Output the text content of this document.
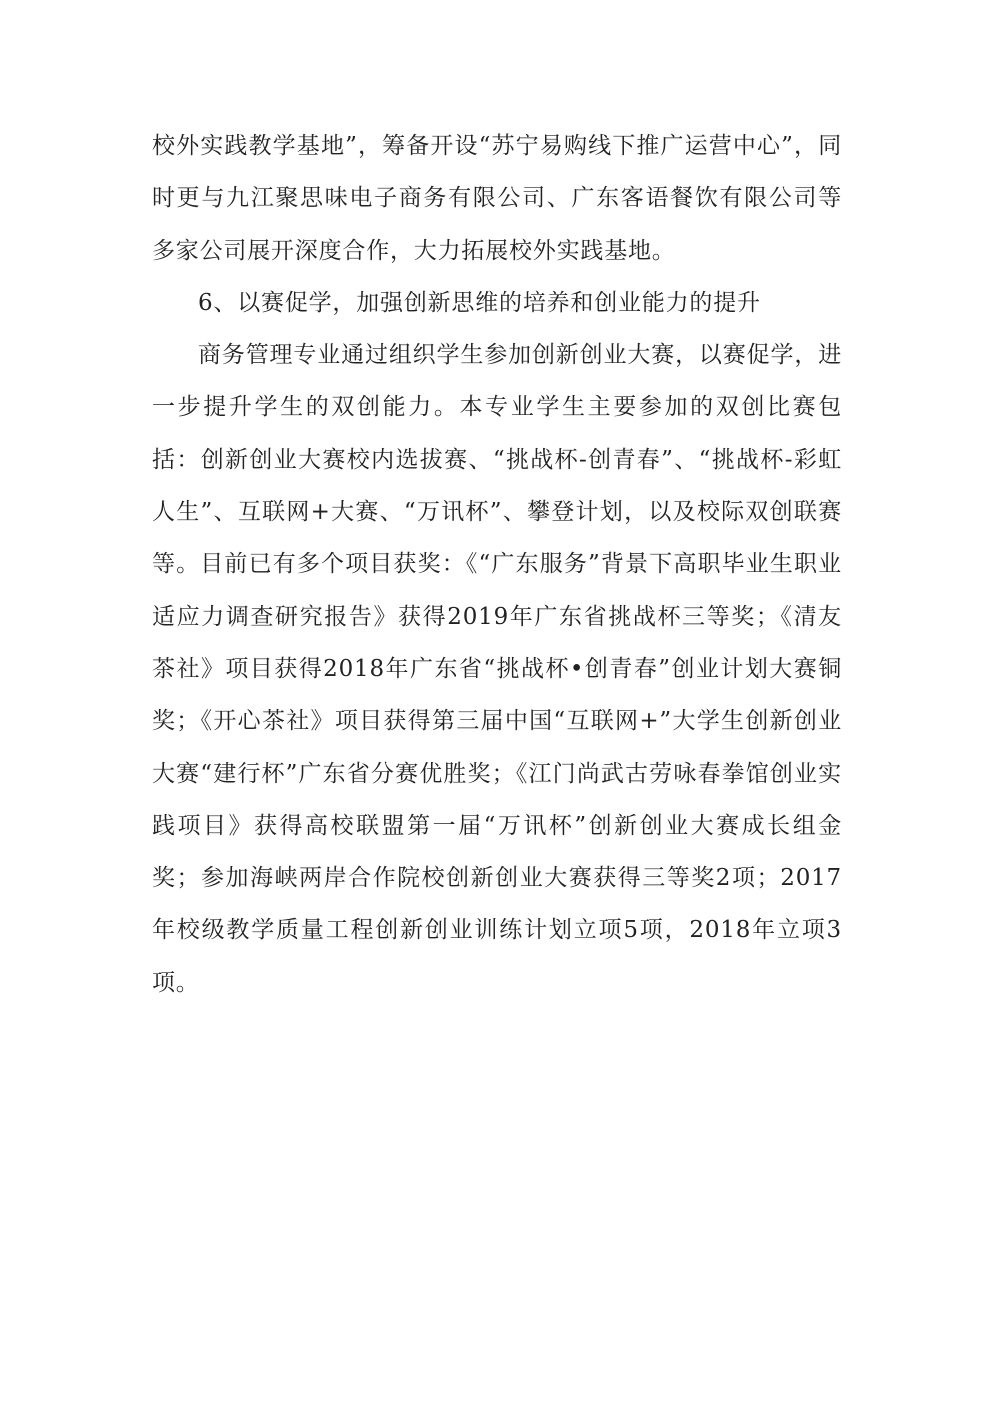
校外实践教学基地”，筹备开设“苏宁易购线下推广运营中心”，同时更与九江聚思味电子商务有限公司、广东客语餐饮有限公司等多家公司展开深度合作，大力拓展校外实践基地。

6、以赛促学，加强创新思维的培养和创业能力的提升

商务管理专业通过组织学生参加创新创业大赛，以赛促学，进一步提升学生的双创能力。本专业学生主要参加的双创比赛包括：创新创业大赛校内选拔赛、“挑战杯-创青春”、“挑战杯-彩虹人生”、互联网+大赛、“万讯杯”、攀登计划，以及校际双创联赛等。目前已有多个项目获奖：《“广东服务”背景下高职毕业生职业适应力调查研究报告》获得2019年广东省挑战杯三等奖；《清友茶社》项目获得2018年广东省“挑战杯•创青春”创业计划大赛铜奖；《开心茶社》项目获得第三届中国“互联网+”大学生创新创业大赛“建行杯”广东省分赛优胜奖；《江门尚武古劳咏春拳馆创业实践项目》获得高校联盟第一届“万讯杯”创新创业大赛成长组金奖；参加海峡两岸合作院校创新创业大赛获得三等奖2项；2017年校级教学质量工程创新创业训练计划立项5项，2018年立项3项。
